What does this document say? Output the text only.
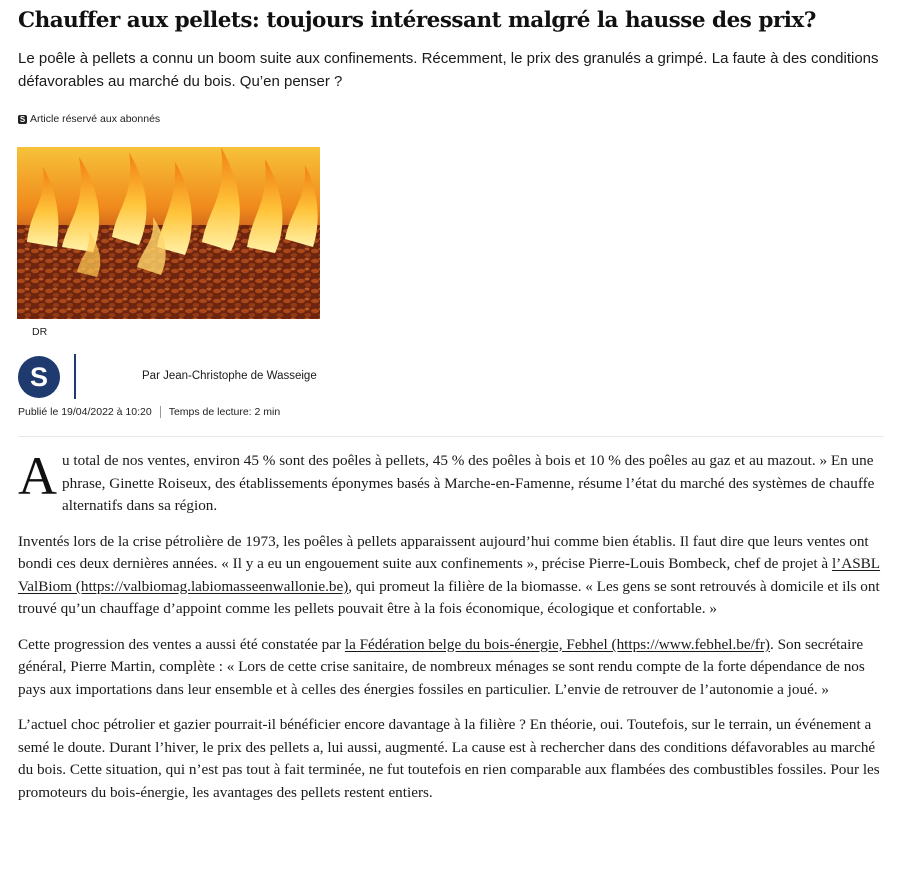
Chauffer aux pellets: toujours intéressant malgré la hausse des prix?

Le poêle à pellets a connu un boom suite aux confinements. Récemment, le prix des granulés a grimpé. La faute à des conditions défavorables au marché du bois. Qu’en penser ?

S Article réservé aux abonnés
DR
S	Par Jean-Christophe de Wasseige
Publié le 19/04/2022 à 10:20 Temps de lecture: 2 min

Au total de nos ventes, environ 45 % sont des poêles à pellets, 45 % des poêles à bois et 10 % des poêles au gaz et au mazout. » En une phrase, Ginette Roiseux, des établissements éponymes basés à Marche-en-Famenne, résume l’état du marché des systèmes de chauffe alternatifs dans sa région.

Inventés lors de la crise pétrolière de 1973, les poêles à pellets apparaissent aujourd’hui comme bien établis. Il faut dire que leurs ventes ont bondi ces deux dernières années. « Il y a eu un engouement suite aux confinements », précise Pierre-Louis Bombeck, chef de projet à l’ASBL ValBiom (https://valbiomag.labiomasseenwallonie.be), qui promeut la filière de la biomasse. « Les gens se sont retrouvés à domicile et ils ont trouvé qu’un chauffage d’appoint comme les pellets pouvait être à la fois économique, écologique et confortable. »

Cette progression des ventes a aussi été constatée par la Fédération belge du bois-énergie, Febhel (https://www.febhel.be/fr). Son secrétaire général, Pierre Martin, complète : « Lors de cette crise sanitaire, de nombreux ménages se sont rendu compte de la forte dépendance de nos pays aux importations dans leur ensemble et à celles des énergies fossiles en particulier. L’envie de retrouver de l’autonomie a joué. »

L’actuel choc pétrolier et gazier pourrait-il bénéficier encore davantage à la filière ? En théorie, oui. Toutefois, sur le terrain, un événement a semé le doute. Durant l’hiver, le prix des pellets a, lui aussi, augmenté. La cause est à rechercher dans des conditions défavorables au marché du bois. Cette situation, qui n’est pas tout à fait terminée, ne fut toutefois en rien comparable aux flambées des combustibles fossiles. Pour les promoteurs du bois-énergie, les avantages des pellets restent entiers.
